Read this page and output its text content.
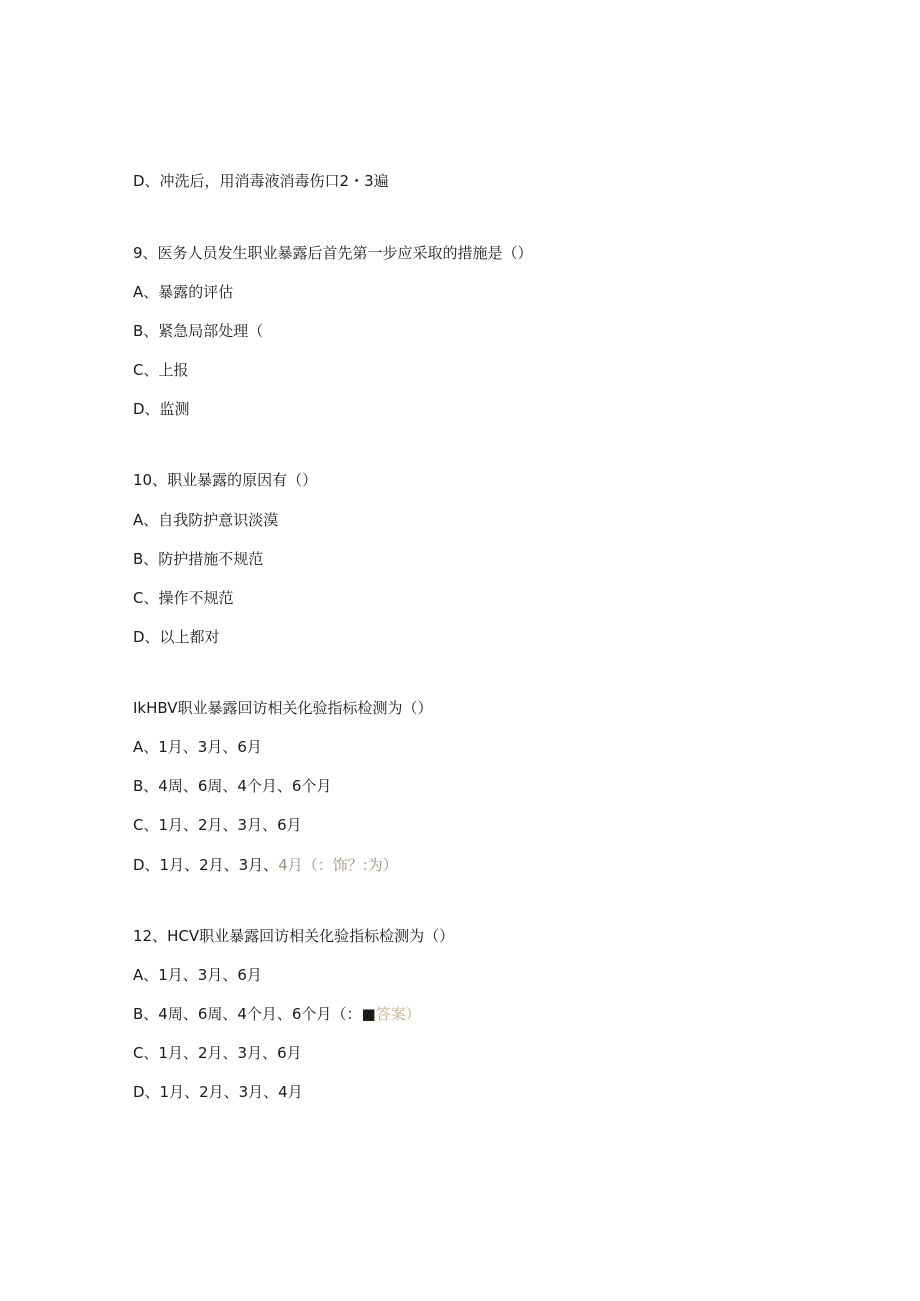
D、冲洗后，用消毒液消毒伤口2・3遍
9、医务人员发生职业暴露后首先第一步应采取的措施是（）
A、暴露的评估
B、紧急局部处理（
C、上报
D、监测
10、职业暴露的原因有（）
A、自我防护意识淡漠
B、防护措施不规范
C、操作不规范
D、以上都对
IkHBV职业暴露回访相关化验指标检测为（）
A、1月、3月、6月
B、4周、6周、4个月、6个月
C、1月、2月、3月、6月
D、1月、2月、3月、4月（：饰？:为）
12、HCV职业暴露回访相关化验指标检测为（）
A、1月、3月、6月
B、4周、6周、4个月、6个月（：■答案）
C、1月、2月、3月、6月
D、1月、2月、3月、4月
